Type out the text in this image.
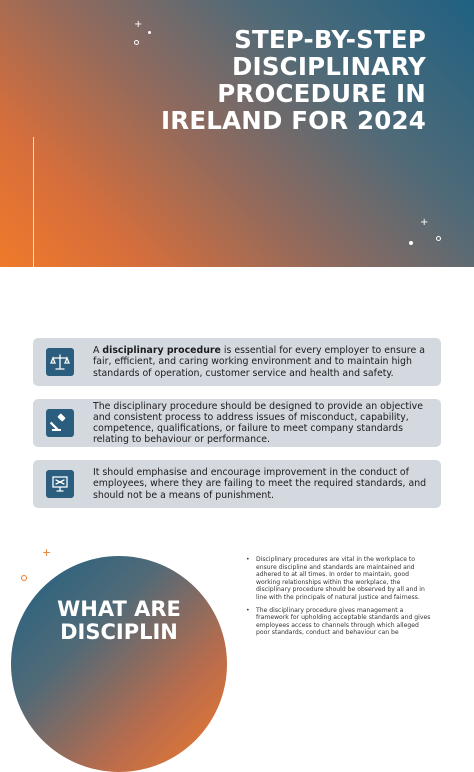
+
STEP-BY-STEP
DISCIPLINARY
PROCEDURE IN
IRELAND FOR 2024
+
A disciplinary procedure is essential for every employer to ensure a fair, efficient, and caring working environment and to maintain high standards of operation, customer service and health and safety.
The disciplinary procedure should be designed to provide an objective and consistent process to address issues of misconduct, capability, competence, qualifications, or failure to meet company standards relating to behaviour or performance.
It should emphasise and encourage improvement in the conduct of employees, where they are failing to meet the required standards, and should not be a means of punishment.
+
WHAT ARE
DISCIPLIN
• Disciplinary procedures are vital in the workplace to ensure discipline and standards are maintained and adhered to at all times. In order to maintain, good working relationships within the workplace, the disciplinary procedure should be observed by all and in line with the principals of natural justice and fairness.
• The disciplinary procedure gives management a framework for upholding acceptable standards and gives employees access to channels through which alleged poor standards, conduct and behaviour can be
